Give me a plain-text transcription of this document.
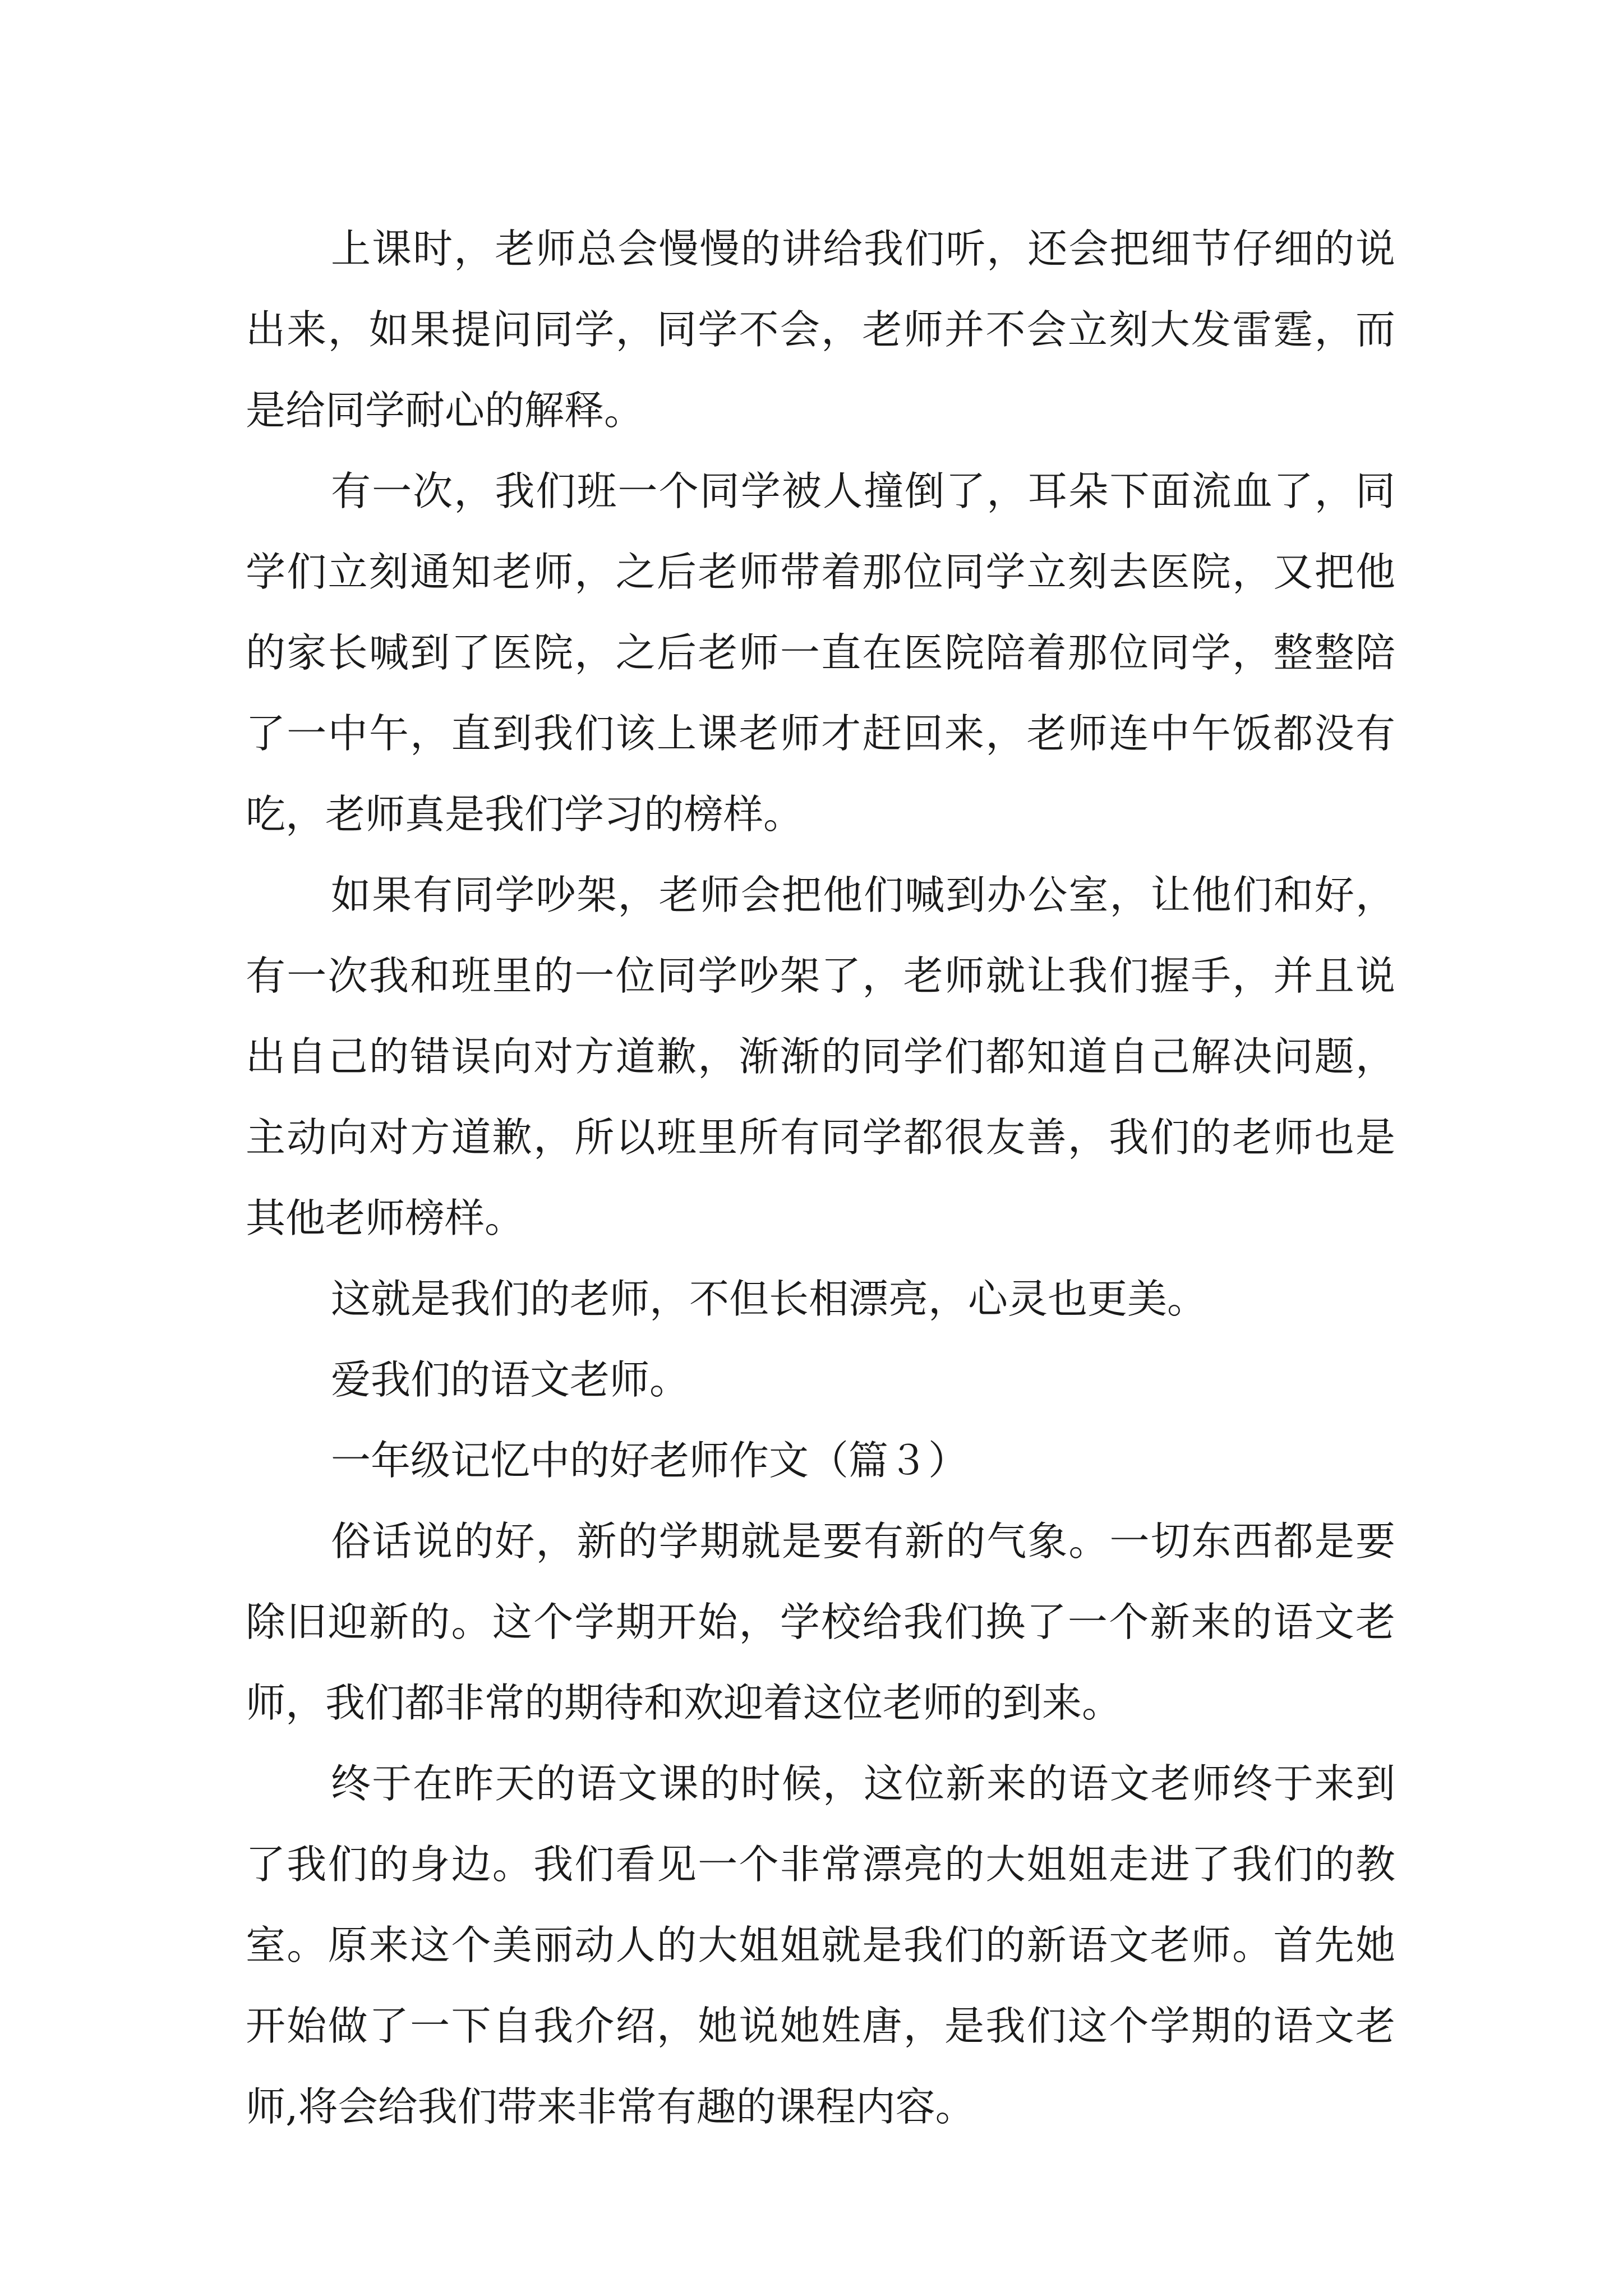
上课时，老师总会慢慢的讲给我们听，还会把细节仔细的说出来，如果提问同学，同学不会，老师并不会立刻大发雷霆，而是给同学耐心的解释。

有一次，我们班一个同学被人撞倒了，耳朵下面流血了，同学们立刻通知老师，之后老师带着那位同学立刻去医院，又把他的家长喊到了医院，之后老师一直在医院陪着那位同学，整整陪了一中午，直到我们该上课老师才赶回来，老师连中午饭都没有吃，老师真是我们学习的榜样。

如果有同学吵架，老师会把他们喊到办公室，让他们和好，有一次我和班里的一位同学吵架了，老师就让我们握手，并且说出自己的错误向对方道歉，渐渐的同学们都知道自己解决问题，主动向对方道歉，所以班里所有同学都很友善，我们的老师也是其他老师榜样。

这就是我们的老师，不但长相漂亮，心灵也更美。

爱我们的语文老师。

一年级记忆中的好老师作文（篇３）

俗话说的好，新的学期就是要有新的气象。一切东西都是要除旧迎新的。这个学期开始，学校给我们换了一个新来的语文老师，我们都非常的期待和欢迎着这位老师的到来。

终于在昨天的语文课的时候，这位新来的语文老师终于来到了我们的身边。我们看见一个非常漂亮的大姐姐走进了我们的教室。原来这个美丽动人的大姐姐就是我们的新语文老师。首先她开始做了一下自我介绍，她说她姓唐，是我们这个学期的语文老师,将会给我们带来非常有趣的课程内容。
